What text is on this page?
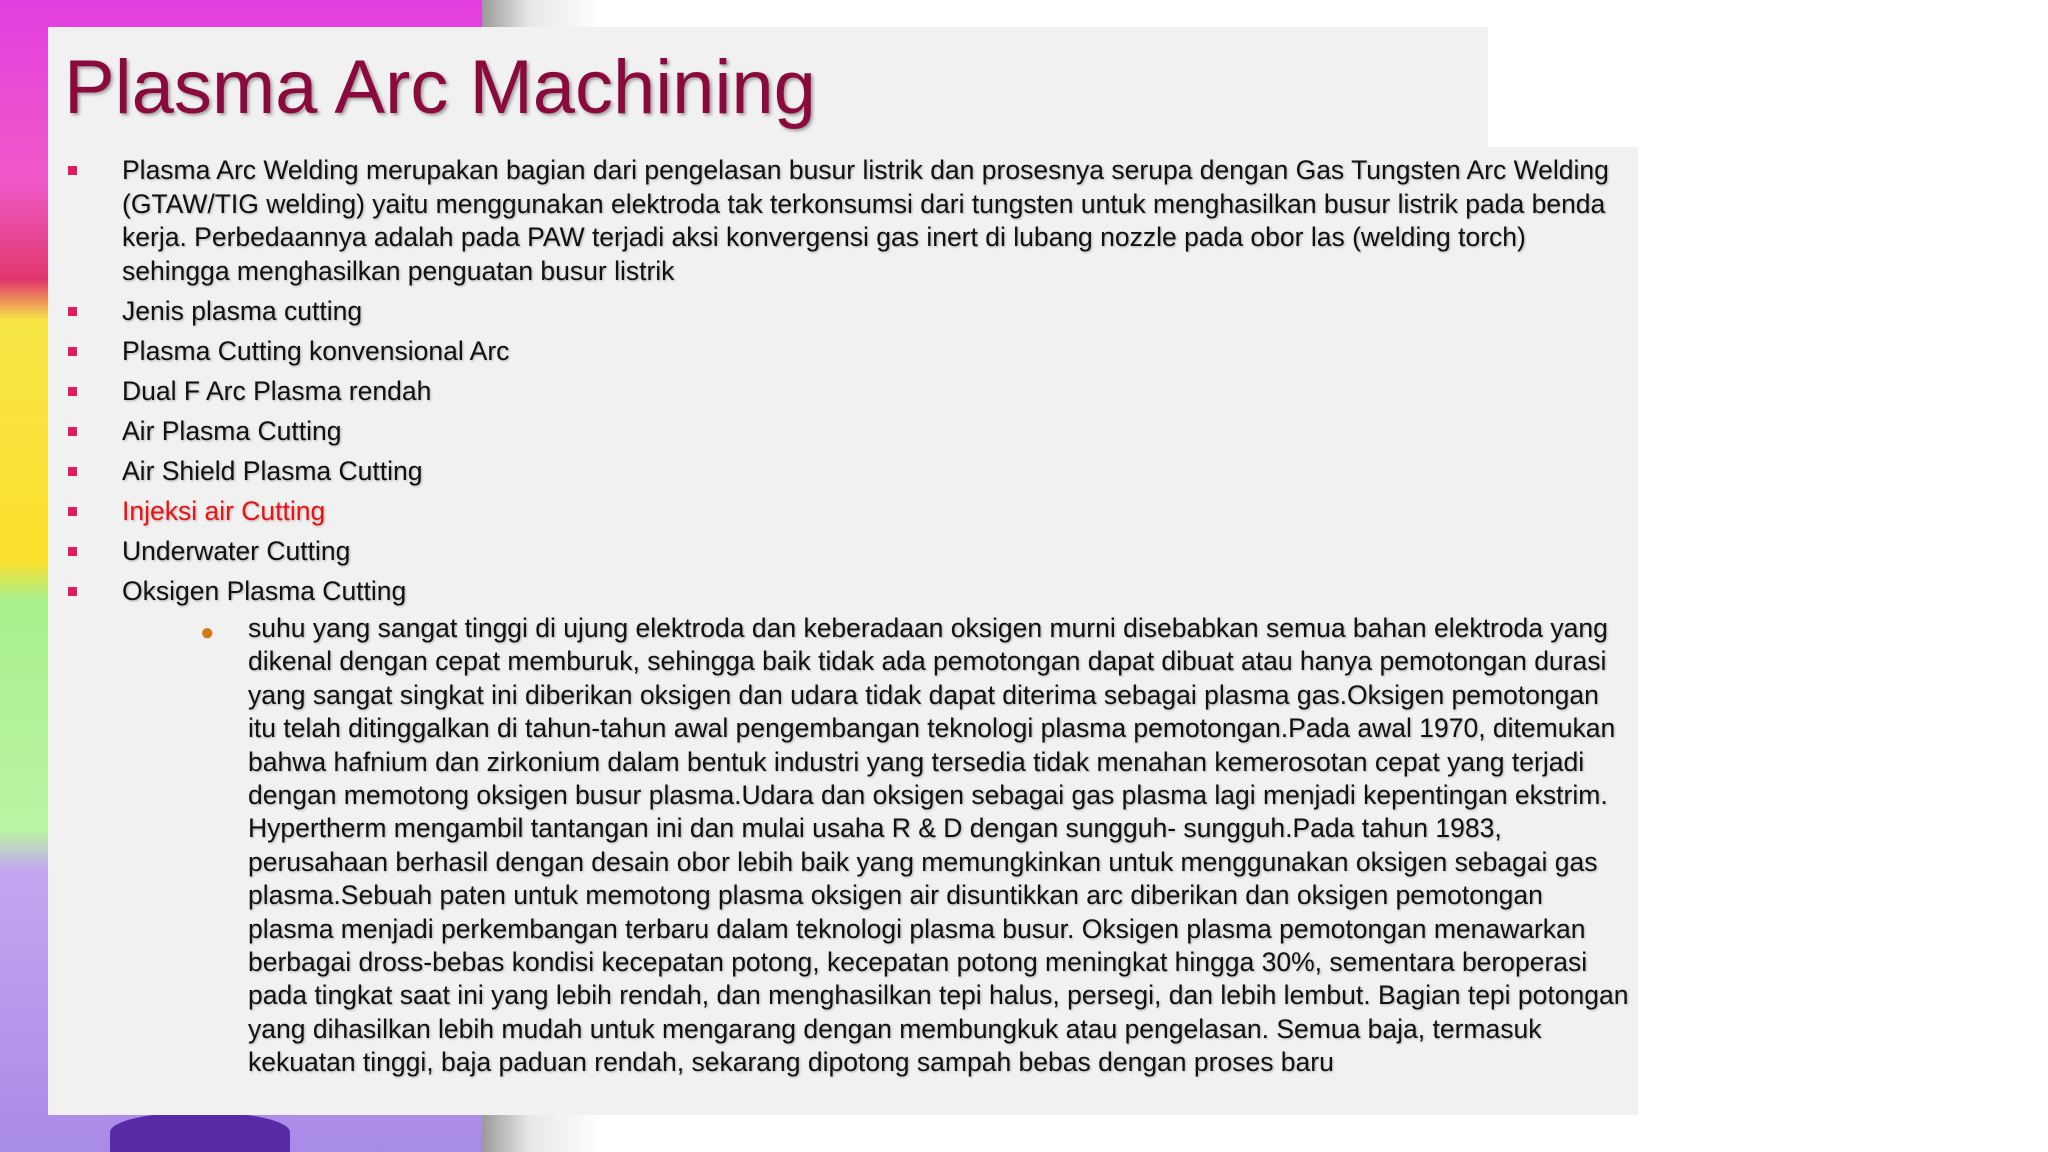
Plasma Arc Machining
Plasma Arc Welding merupakan bagian dari pengelasan busur listrik dan prosesnya serupa dengan Gas Tungsten Arc Welding (GTAW/TIG welding) yaitu menggunakan elektroda tak terkonsumsi dari tungsten untuk menghasilkan busur listrik pada benda kerja. Perbedaannya adalah pada PAW terjadi aksi konvergensi gas inert di lubang nozzle pada obor las (welding torch) sehingga menghasilkan penguatan busur listrik
Jenis plasma cutting
Plasma Cutting konvensional Arc
Dual F Arc Plasma rendah
Air Plasma Cutting
Air Shield Plasma Cutting
Injeksi air Cutting
Underwater Cutting
Oksigen Plasma Cutting
● suhu yang sangat tinggi di ujung elektroda dan keberadaan oksigen murni disebabkan semua bahan elektroda yang dikenal dengan cepat memburuk, sehingga baik tidak ada pemotongan dapat dibuat atau hanya pemotongan durasi yang sangat singkat ini diberikan oksigen dan udara tidak dapat diterima sebagai plasma gas.Oksigen pemotongan itu telah ditinggalkan di tahun-tahun awal pengembangan teknologi plasma pemotongan.Pada awal 1970, ditemukan bahwa hafnium dan zirkonium dalam bentuk industri yang tersedia tidak menahan kemerosotan cepat yang terjadi dengan memotong oksigen busur plasma.Udara dan oksigen sebagai gas plasma lagi menjadi kepentingan ekstrim. Hypertherm mengambil tantangan ini dan mulai usaha R & D dengan sungguh- sungguh.Pada tahun 1983, perusahaan berhasil dengan desain obor lebih baik yang memungkinkan untuk menggunakan oksigen sebagai gas plasma.Sebuah paten untuk memotong plasma oksigen air disuntikkan arc diberikan dan oksigen pemotongan plasma menjadi perkembangan terbaru dalam teknologi plasma busur. Oksigen plasma pemotongan menawarkan berbagai dross-bebas kondisi kecepatan potong, kecepatan potong meningkat hingga 30%, sementara beroperasi pada tingkat saat ini yang lebih rendah, dan menghasilkan tepi halus, persegi, dan lebih lembut. Bagian tepi potongan yang dihasilkan lebih mudah untuk mengarang dengan membungkuk atau pengelasan. Semua baja, termasuk kekuatan tinggi, baja paduan rendah, sekarang dipotong sampah bebas dengan proses baru
